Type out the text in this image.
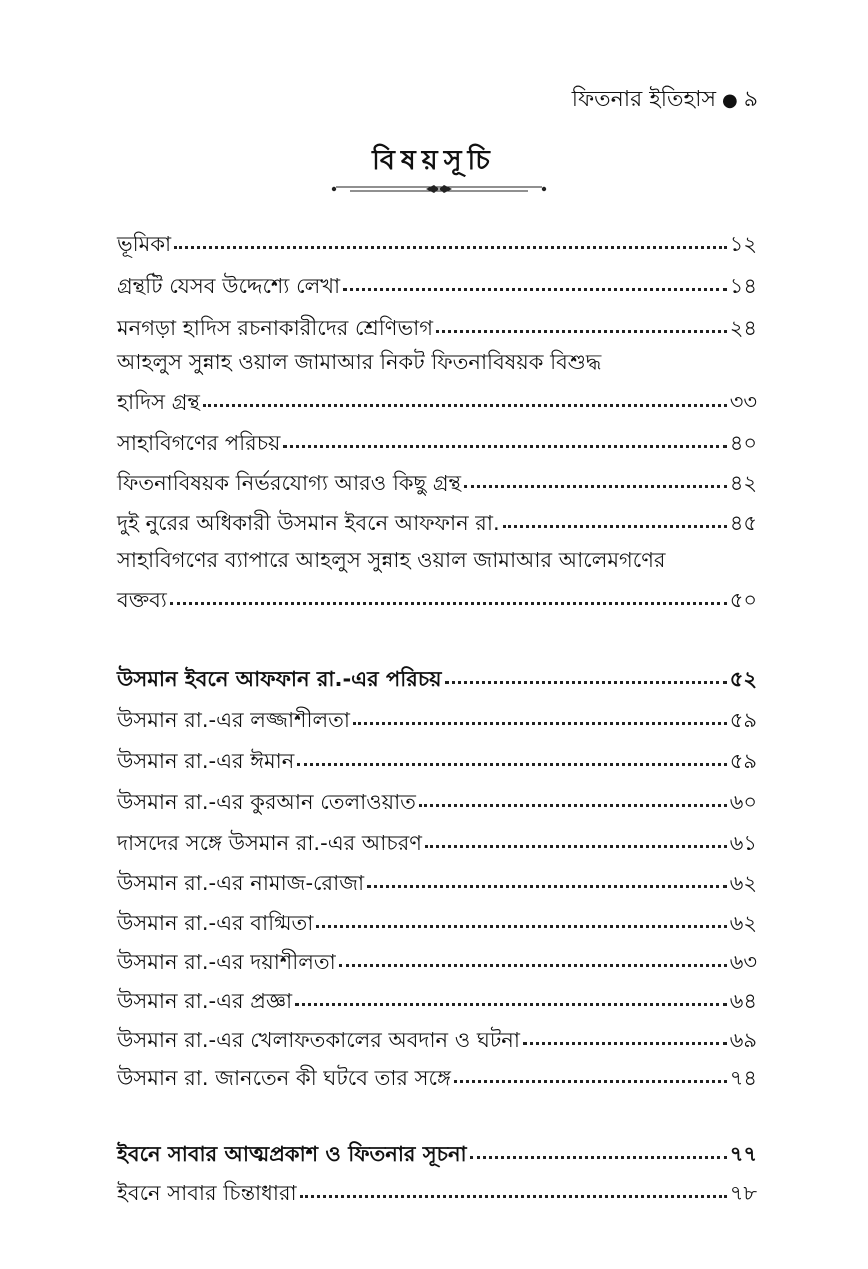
ফিতনার ইতিহাস ● ৯
বিষয়সূচি
ভূমিকা	১২
গ্রন্থটি যেসব উদ্দেশ্যে লেখা	১৪
মনগড়া হাদিস রচনাকারীদের শ্রেণিভাগ	২৪
আহলুস সুন্নাহ ওয়াল জামাআর নিকট ফিতনাবিষয়ক বিশুদ্ধ
হাদিস গ্রন্থ	৩৩
সাহাবিগণের পরিচয়	৪০
ফিতনাবিষয়ক নির্ভরযোগ্য আরও কিছু গ্রন্থ	৪২
দুই নুরের অধিকারী উসমান ইবনে আফফান রা.	৪৫
সাহাবিগণের ব্যাপারে আহলুস সুন্নাহ ওয়াল জামাআর আলেমগণের
বক্তব্য	৫০
উসমান ইবনে আফফান রা.-এর পরিচয়	৫২
উসমান রা.-এর লজ্জাশীলতা	৫৯
উসমান রা.-এর ঈমান	৫৯
উসমান রা.-এর কুরআন তেলাওয়াত	৬০
দাসদের সঙ্গে উসমান রা.-এর আচরণ	৬১
উসমান রা.-এর নামাজ-রোজা	৬২
উসমান রা.-এর বাগ্মিতা	৬২
উসমান রা.-এর দয়াশীলতা	৬৩
উসমান রা.-এর প্রজ্ঞা	৬৪
উসমান রা.-এর খেলাফতকালের অবদান ও ঘটনা	৬৯
উসমান রা. জানতেন কী ঘটবে তার সঙ্গে	৭৪
ইবনে সাবার আত্মপ্রকাশ ও ফিতনার সূচনা	৭৭
ইবনে সাবার চিন্তাধারা	৭৮
